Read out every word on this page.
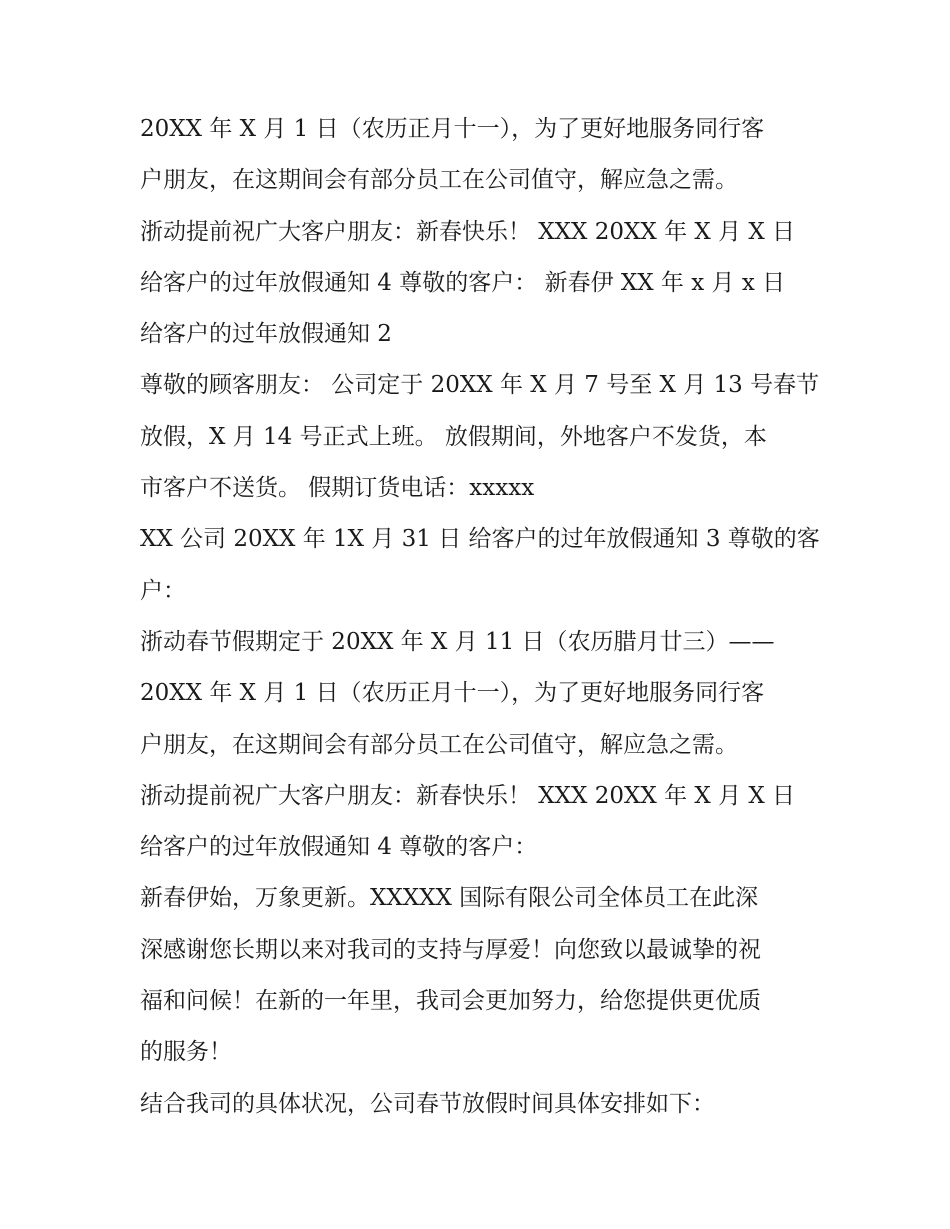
20XX 年 X 月 1 日（农历正月十一），为了更好地服务同行客
户朋友，在这期间会有部分员工在公司值守，解应急之需。
浙动提前祝广大客户朋友：新春快乐！ XXX 20XX 年 X 月 X 日
给客户的过年放假通知 4 尊敬的客户： 新春伊 XX 年 x 月 x 日
给客户的过年放假通知 2
尊敬的顾客朋友： 公司定于 20XX 年 X 月 7 号至 X 月 13 号春节
放假，X 月 14 号正式上班。 放假期间，外地客户不发货，本
市客户不送货。 假期订货电话：xxxxx
XX 公司 20XX 年 1X 月 31 日 给客户的过年放假通知 3 尊敬的客
户：
浙动春节假期定于 20XX 年 X 月 11 日（农历腊月廿三）——
20XX 年 X 月 1 日（农历正月十一），为了更好地服务同行客
户朋友，在这期间会有部分员工在公司值守，解应急之需。
浙动提前祝广大客户朋友：新春快乐！ XXX 20XX 年 X 月 X 日
给客户的过年放假通知 4 尊敬的客户：
新春伊始，万象更新。XXXXX 国际有限公司全体员工在此深
深感谢您长期以来对我司的支持与厚爱！向您致以最诚挚的祝
福和问候！在新的一年里，我司会更加努力，给您提供更优质
的服务！
结合我司的具体状况，公司春节放假时间具体安排如下：
